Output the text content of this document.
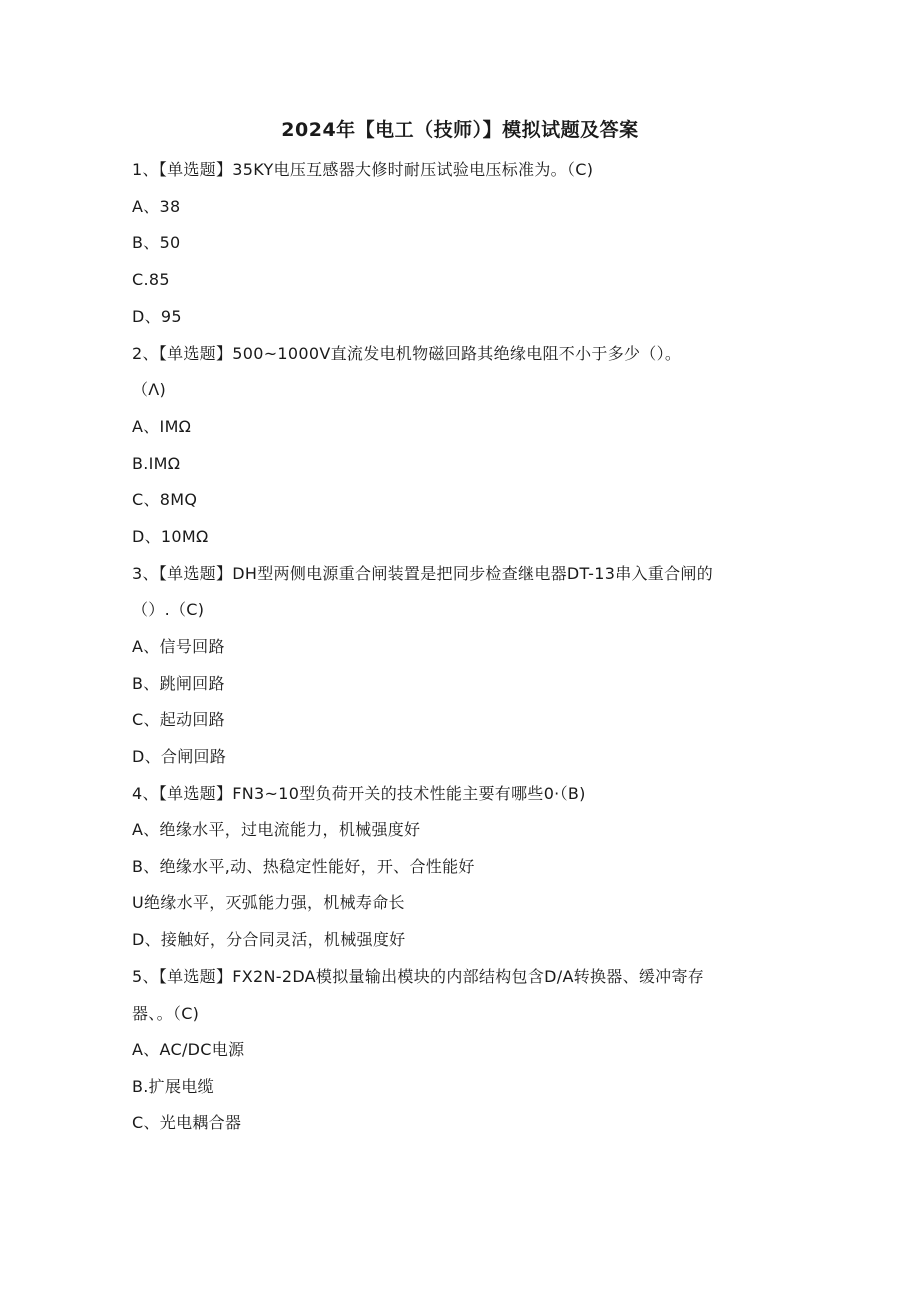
2024年【电工（技师）】模拟试题及答案
1、【单选题】35KY电压互感器大修时耐压试验电压标准为。（C)
A、38
B、50
C.85
D、95
2、【单选题】500~1000V直流发电机物磁回路其绝缘电阻不小于多少（）。
（Λ)
A、IMΩ
B.IMΩ
C、8MQ
D、10MΩ
3、【单选题】DH型两侧电源重合闸装置是把同步检查继电器DT-13串入重合闸的
（）.（C)
A、信号回路
B、跳闸回路
C、起动回路
D、合闸回路
4、【单选题】FN3~10型负荷开关的技术性能主要有哪些0·（B)
A、绝缘水平，过电流能力，机械强度好
B、绝缘水平,动、热稳定性能好，开、合性能好
U绝缘水平，灭弧能力强，机械寿命长
D、接触好，分合同灵活，机械强度好
5、【单选题】FX2N-2DA模拟量输出模块的内部结构包含D/A转换器、缓冲寄存
器、。（C)
A、AC/DC电源
B.扩展电缆
C、光电耦合器
